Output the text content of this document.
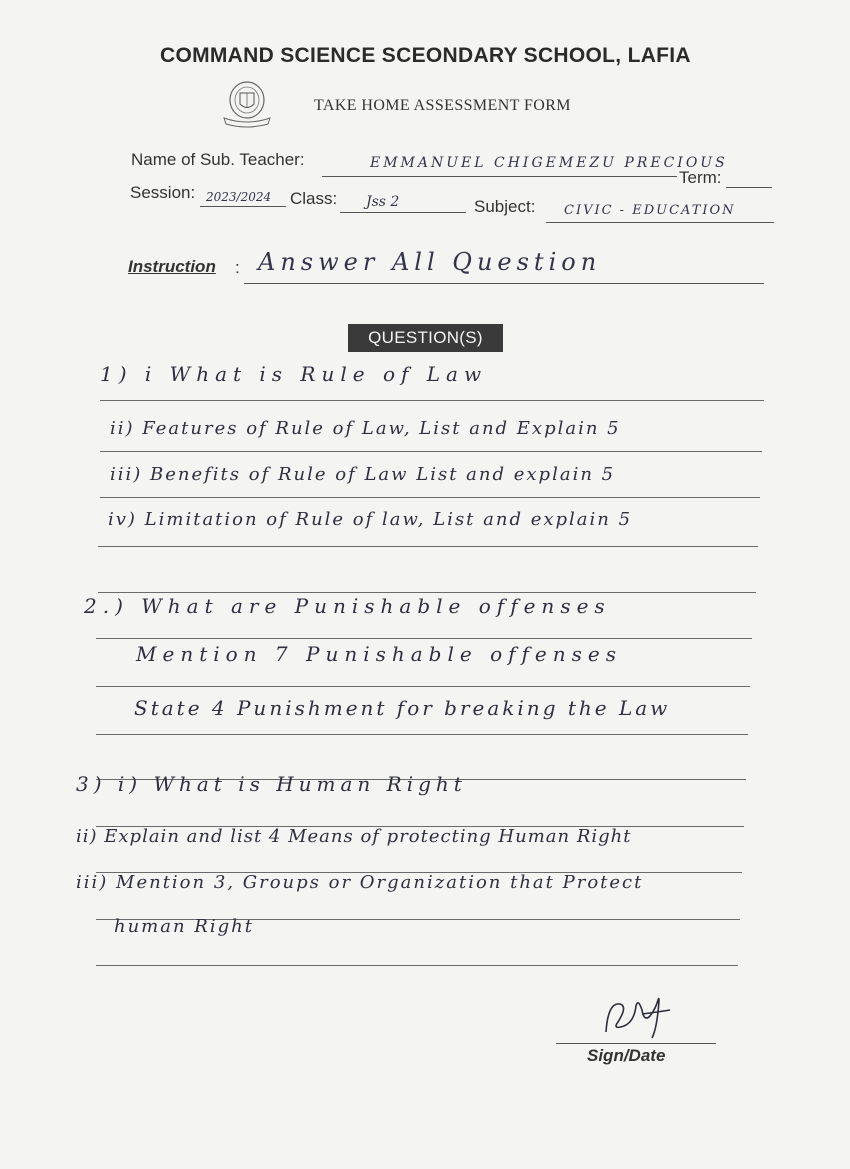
COMMAND SCIENCE SCEONDARY SCHOOL, LAFIA
TAKE HOME ASSESSMENT FORM
Name of Sub. Teacher:	EMMANUEL CHIGEMEZU PRECIOUS
Term:
Session: 2023/2024 Class: Jss 2	Subject: CIVIC - EDUCATION
Instruction : Answer All Question
QUESTION(S)
1) i What is Rule of Law
ii) Features of Rule of Law, List and Explain 5
iii) Benefits of Rule of Law List and explain 5
iv) Limitation of Rule of law, List and explain 5
2.) What are Punishable offenses
Mention 7 Punishable offenses
State 4 Punishment for breaking the Law
3) i) What is Human Right
ii) Explain and list 4 Means of protecting Human Right
iii) Mention 3, Groups or Organization that Protect
human Right
Sign/Date
